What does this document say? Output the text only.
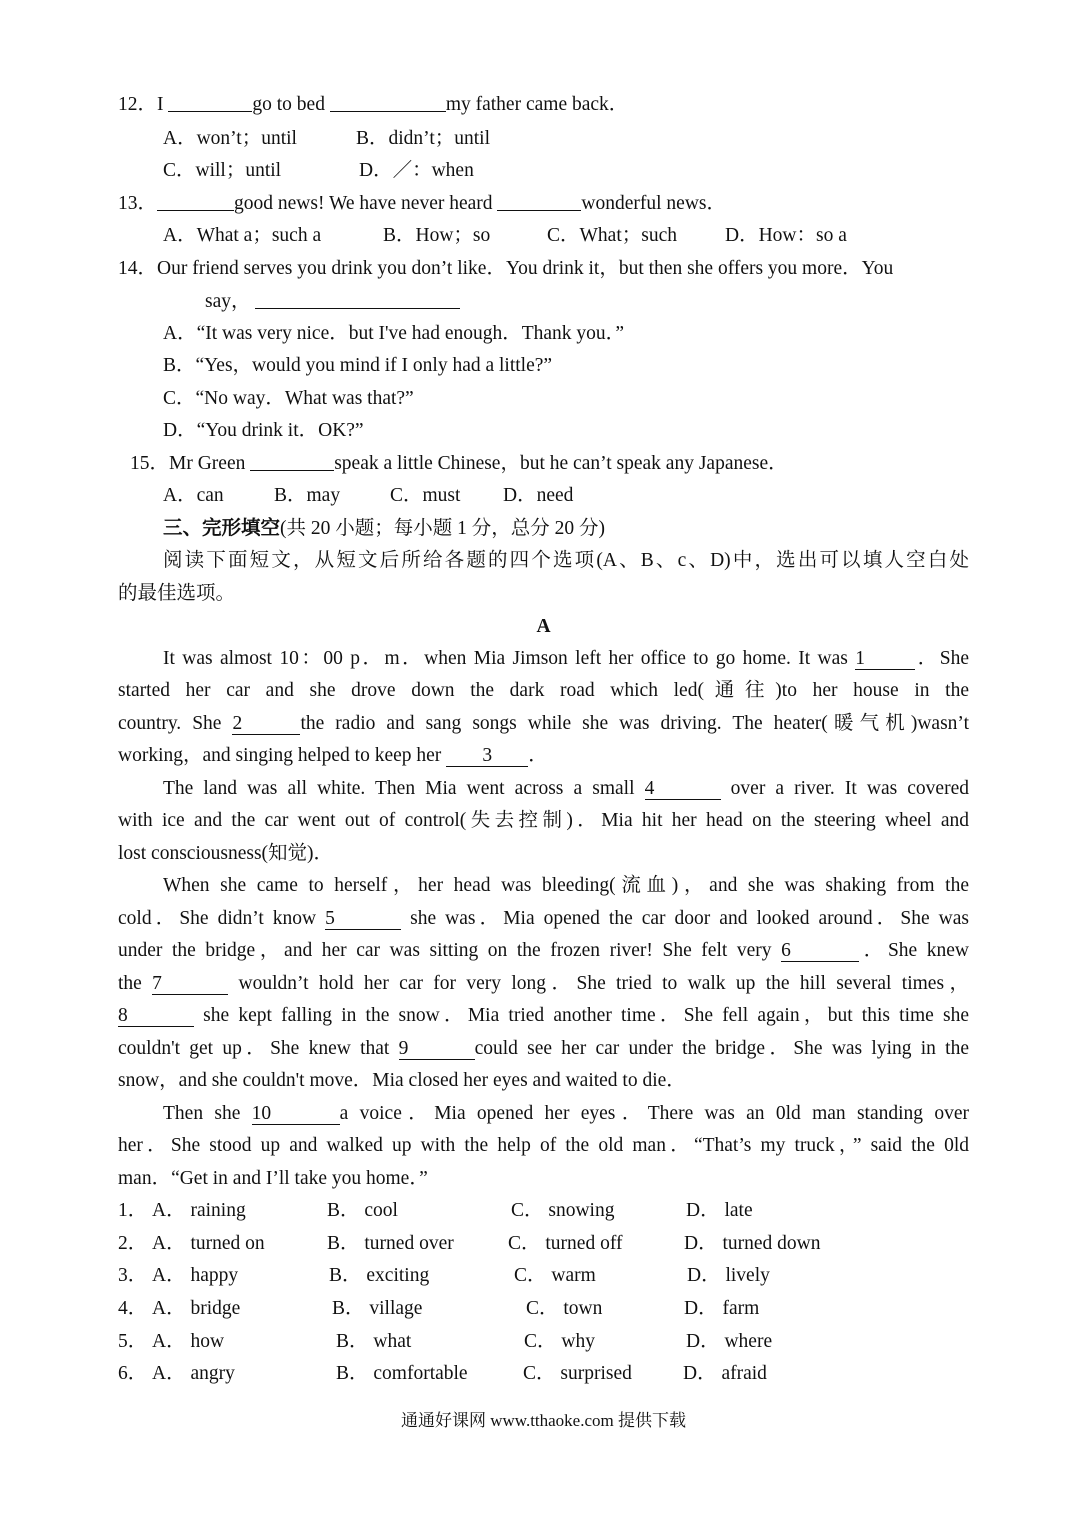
12．I	go to bed	my father came back．
A．won’t；until	B．didn’t；until
C．will；until	D．／：when
13．	good news! We have never heard	wonderful news．
A．What a；such a	B．How；so	C．What；such D．How：so a
14．Our friend serves you drink you don’t like．You drink it，but then she offers you more．You
say，
A．“It was very nice．but I've had enough．Thank you．”
B．“Yes，would you mind if I only had a little?”
C．“No way．What was that?”
D．“You drink it．OK?”
15．Mr Green	speak a little Chinese，but he can’t speak any Japanese．
A．can	B．may	C．must D．need
三、完形填空(共 20 小题；每小题 1 分，总分 20 分)
阅读下面短文，从短文后所给各题的四个选项(A、B、c、D)中，选出可以填人空白处
的最佳选项。
A
It was almost 10：00 p．m．when Mia Jimson left her office to go home. It was 1	．She
started her car and she drove down the dark road which led(通往)to her house in the
country. She 2	the radio and sang songs while she was driving. The heater(暖气机)wasn’t
working，and singing helped to keep her 3 ．
The land was all white. Then Mia went across a small 4	over a river. It was covered
with ice and the car went out of control(失去控制)．Mia hit her head on the steering wheel and
lost consciousness(知觉)．
When she came to herself，her head was bleeding(流血)，and she was shaking from the
cold．She didn’t know 5	she was．Mia opened the car door and looked around．She was
under the bridge，and her car was sitting on the frozen river! She felt very 6	．She knew
the 7	wouldn’t hold her car for very long．She tried to walk up the hill several times，
8	she kept falling in the snow．Mia tried another time．She fell again，but this time she
couldn't get up．She knew that 9	could see her car under the bridge．She was lying in the
snow，and she couldn't move．Mia closed her eyes and waited to die．
Then she 10	a voice．Mia opened her eyes．There was an 0ld man standing over
her．She stood up and walked up with the help of the old man．“That’s my truck，” said the 0ld
man．“Get in and I’ll take you home．”
1． A． raining	B． cool	C． snowing	D． late
2． A． turned on	B． turned over	C． turned off	D． turned down
3． A． happy	B． exciting	C． warm	D． lively
4． A． bridge	B． village	C． town	D． farm
5． A． how	B． what	C． why	D． where
6． A． angry	B． comfortable	C． surprised	D． afraid
通通好课网 www.tthaoke.com 提供下载
